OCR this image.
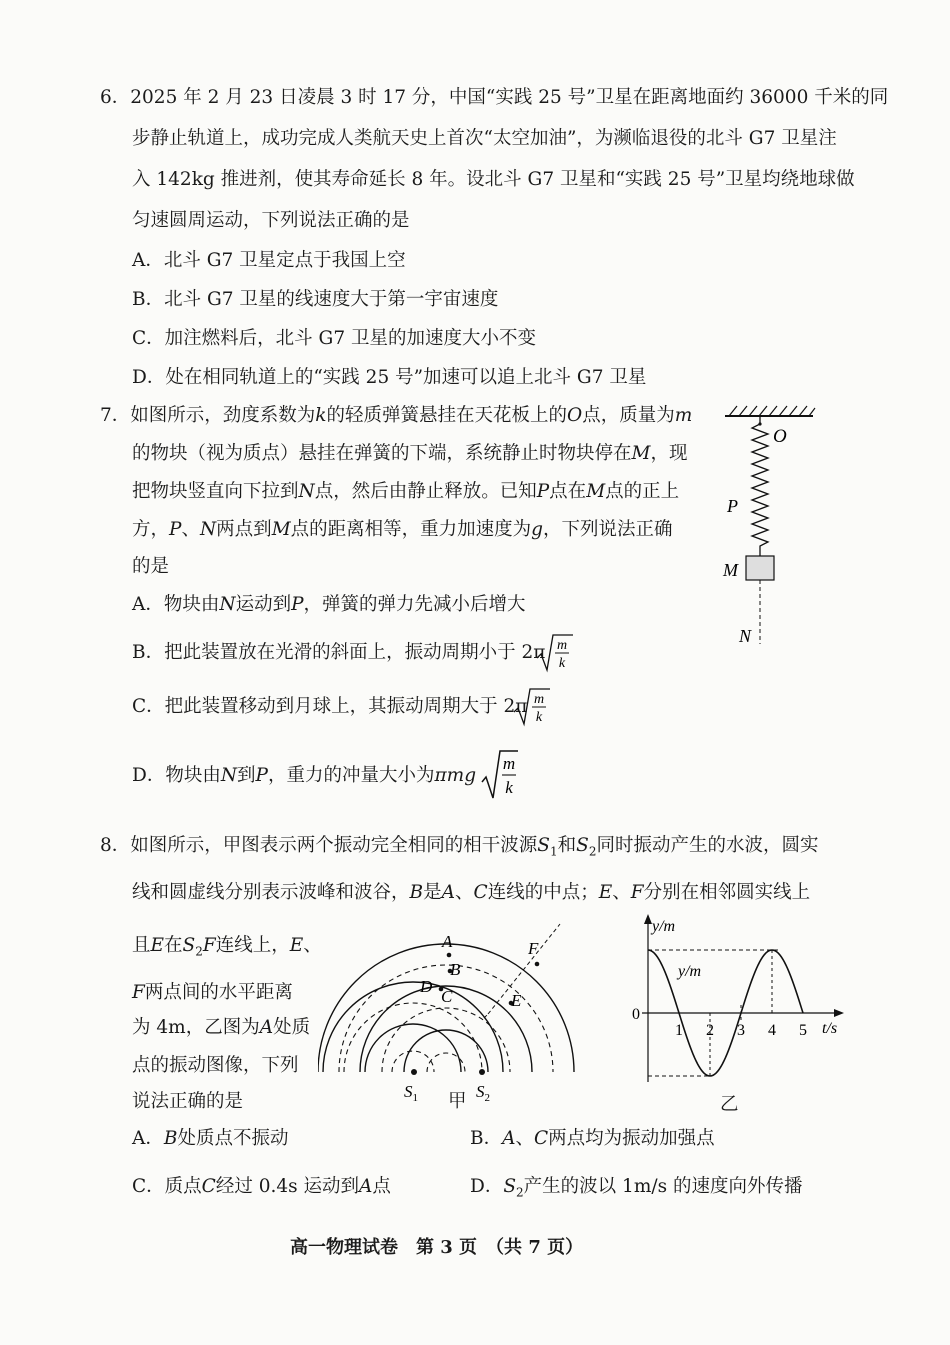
6．2025 年 2 月 23 日凌晨 3 时 17 分，中国“实践 25 号”卫星在距离地面约 36000 千米的同
步静止轨道上，成功完成人类航天史上首次“太空加油”，为濒临退役的北斗 G7 卫星注
入 142kg 推进剂，使其寿命延长 8 年。设北斗 G7 卫星和“实践 25 号”卫星均绕地球做
匀速圆周运动，下列说法正确的是
A．北斗 G7 卫星定点于我国上空
B．北斗 G7 卫星的线速度大于第一宇宙速度
C．加注燃料后，北斗 G7 卫星的加速度大小不变
D．处在相同轨道上的“实践 25 号”加速可以追上北斗 G7 卫星
7．如图所示，劲度系数为k的轻质弹簧悬挂在天花板上的O点，质量为m
的物块（视为质点）悬挂在弹簧的下端，系统静止时物块停在M，现
把物块竖直向下拉到N点，然后由静止释放。已知P点在M点的正上
方，P、N两点到M点的距离相等，重力加速度为g，下列说法正确
的是
A．物块由N运动到P，弹簧的弹力先减小后增大
B．把此装置放在光滑的斜面上，振动周期小于 2π m
k
C．把此装置移动到月球上，其振动周期大于 2π m
k
D．物块由N到P，重力的冲量大小为πmg
m
k
O
P
M
N
8．如图所示，甲图表示两个振动完全相同的相干波源$S_1$和$S_2$同时振动产生的水波，圆实
线和圆虚线分别表示波峰和波谷，B是A、C连线的中点；E、F分别在相邻圆实线上
且E在$S_2F$连线上，E、
F两点间的水平距离
为 4m，乙图为A处质
点的振动图像，下列
说法正确的是
A
B
C
D
E
F
$S_1$	$S_2$
甲
y/m
y/m
0
t/s
1 2 3 4 5
乙
A．B处质点不振动	B．A、C两点均为振动加强点
C．质点C经过 0.4s 运动到A点	D．$S_2$产生的波以 1m/s 的速度向外传播
高一物理试卷　第 3 页　（共 7 页）
